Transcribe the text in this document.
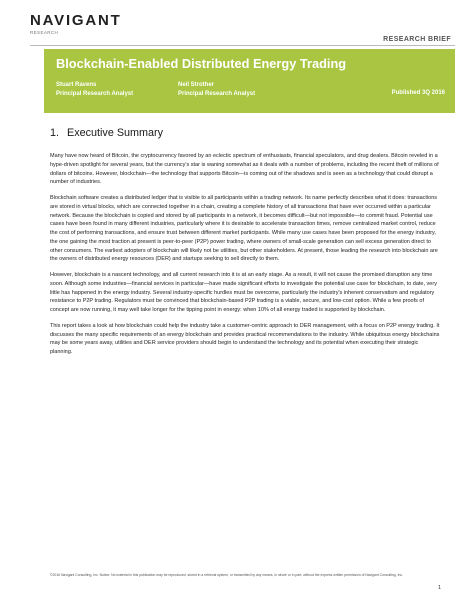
NAVIGANT
RESEARCH
RESEARCH BRIEF
Blockchain-Enabled Distributed Energy Trading
Stuart Ravens
Principal Research Analyst
Neil Strother
Principal Research Analyst	Published 3Q 2016
1. Executive Summary

Many have now heard of Bitcoin, the cryptocurrency favored by an eclectic spectrum of enthusiasts, financial speculators, and drug dealers. Bitcoin reveled in a hype-driven spotlight for several years, but the currency's star is waning somewhat as it deals with a number of problems, including the recent theft of millions of dollars of bitcoins. However, blockchain—the technology that supports Bitcoin—is coming out of the shadows and is seen as a technology that could disrupt a number of industries.

Blockchain software creates a distributed ledger that is visible to all participants within a trading network. Its name perfectly describes what it does: transactions are stored in virtual blocks, which are connected together in a chain, creating a complete history of all transactions that have ever occurred within a particular network. Because the blockchain is copied and stored by all participants in a network, it becomes difficult—but not impossible—to commit fraud. Potential use cases have been found in many different industries, particularly where it is desirable to accelerate transaction times, remove centralized market control, reduce the cost of performing transactions, and ensure trust between different market participants. While many use cases have been proposed for the energy industry, the one gaining the most traction at present is peer-to-peer (P2P) power trading, where owners of small-scale generation can sell excess generation direct to other consumers. The earliest adopters of blockchain will likely not be utilities, but other stakeholders. At present, those leading the research into blockchain are the owners of distributed energy resources (DER) and startups seeking to sell directly to them.

However, blockchain is a nascent technology, and all current research into it is at an early stage. As a result, it will not cause the promised disruption any time soon. Although some industries—financial services in particular—have made significant efforts to investigate the potential use case for blockchain, to date, very little has happened in the energy industry. Several industry-specific hurdles must be overcome, particularly the industry's inherent conservatism and regulatory resistance to P2P trading. Regulators must be convinced that blockchain-based P2P trading is a viable, secure, and low-cost option. While a few proofs of concept are now running, it may well take longer for the tipping point in energy: when 10% of all energy traded is supported by blockchain.

This report takes a look at how blockchain could help the industry take a customer-centric approach to DER management, with a focus on P2P energy trading. It discusses the many specific requirements of an energy blockchain and provides practical recommendations to the industry. While ubiquitous energy blockchains may be some years away, utilities and DER service providers should begin to understand the technology and its potential when executing their strategic planning.

©2016 Navigant Consulting, Inc. Notice: No material in this publication may be reproduced, stored in a retrieval system, or transmitted by any means, in whole or in part, without the express written permission of Navigant Consulting, Inc.
1
